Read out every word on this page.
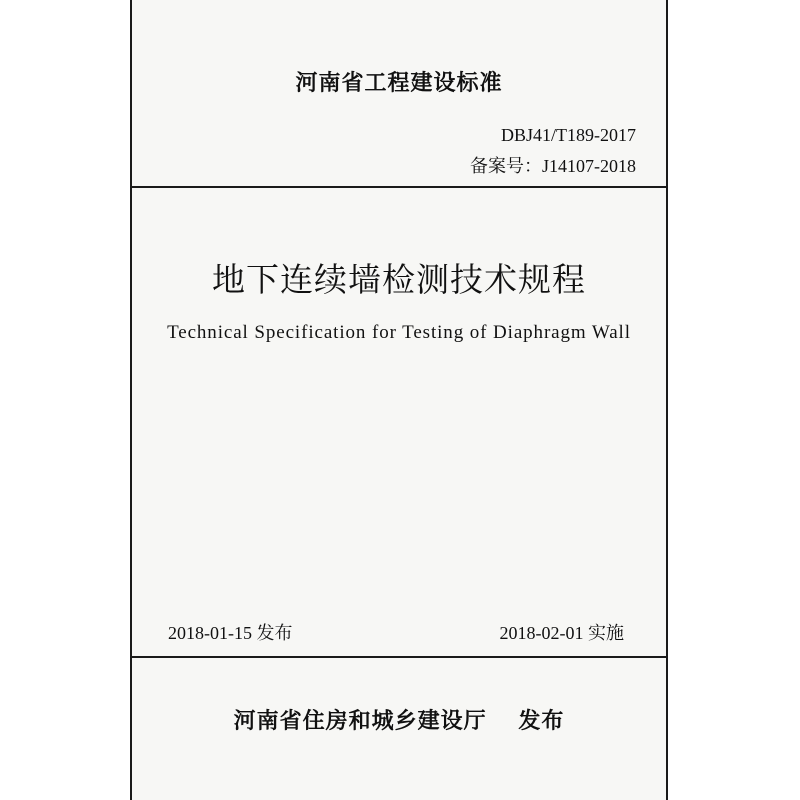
河南省工程建设标准

DBJ41/T189-2017

备案号：J14107-2018

地下连续墙检测技术规程

Technical Specification for Testing of Diaphragm Wall

2018-01-15 发布	2018-02-01 实施

河南省住房和城乡建设厅　 发布
